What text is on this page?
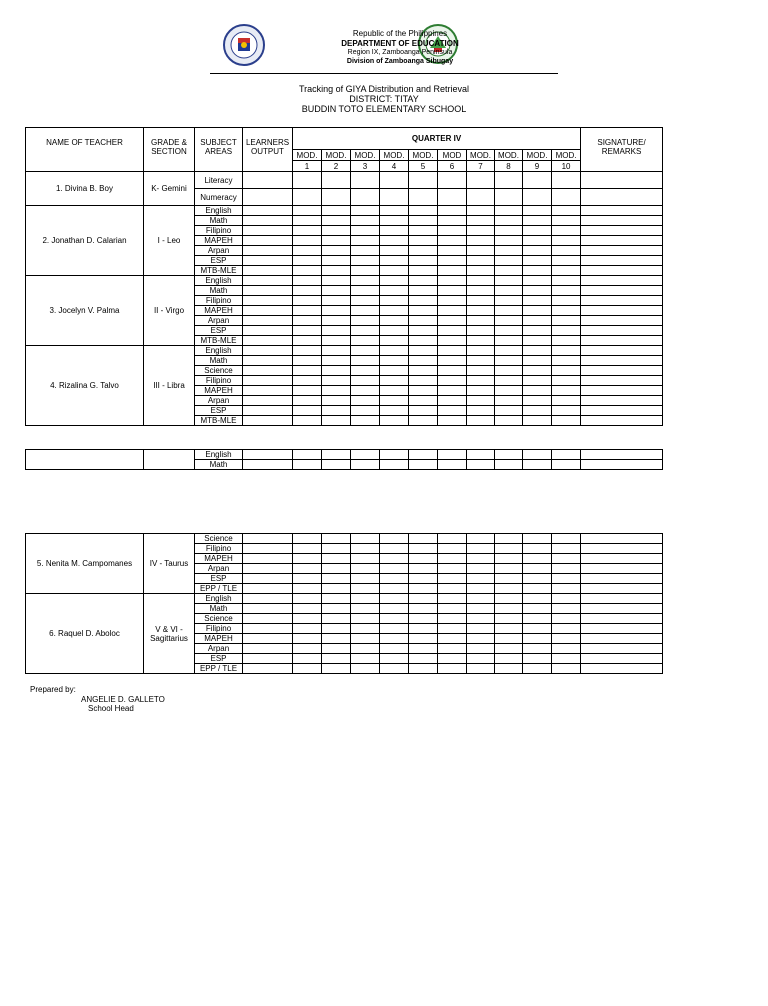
Republic of the Philippines
DEPARTMENT OF EDUCATION
Region IX, Zamboanga Peninsula
Division of Zamboanga Sibugay
Tracking of GIYA Distribution and Retrieval
DISTRICT: TITAY
BUDDIN TOTO ELEMENTARY SCHOOL
NAME OF TEACHER	GRADE & SECTION	SUBJECT AREAS	LEARNERS OUTPUT	QUARTER IV										SIGNATURE/ REMARKS
				MOD.	MOD.	MOD.	MOD.	MOD.	MOD	MOD.	MOD.	MOD.	MOD.	
				1	2	3	4	5	6	7	8	9	10	
1. Divina B. Boy	K- Gemini	Literacy												
		Numeracy												
2. Jonathan D. Calarian	I - Leo	English												
		Math												
		Filipino												
		MAPEH												
		Arpan												
		ESP												
		MTB-MLE												
3. Jocelyn V. Palma	II - Virgo	English												
		Math												
		Filipino												
		MAPEH												
		Arpan												
		ESP												
		MTB-MLE												
4. Rizalina G. Talvo	III - Libra	English												
		Math												
		Science												
		Filipino												
		MAPEH												
		Arpan												
		ESP												
		MTB-MLE												
		English												
		Math												
5. Nenita M. Campomanes	IV - Taurus	Science												
		Filipino												
		MAPEH												
		Arpan												
		ESP												
		EPP / TLE												
6. Raquel D. Aboloc	V & VI - Sagittarius	English												
		Math												
		Science												
		Filipino												
		MAPEH												
		Arpan												
		ESP												
		EPP / TLE												
Prepared by:
ANGELIE D. GALLETO
School Head
